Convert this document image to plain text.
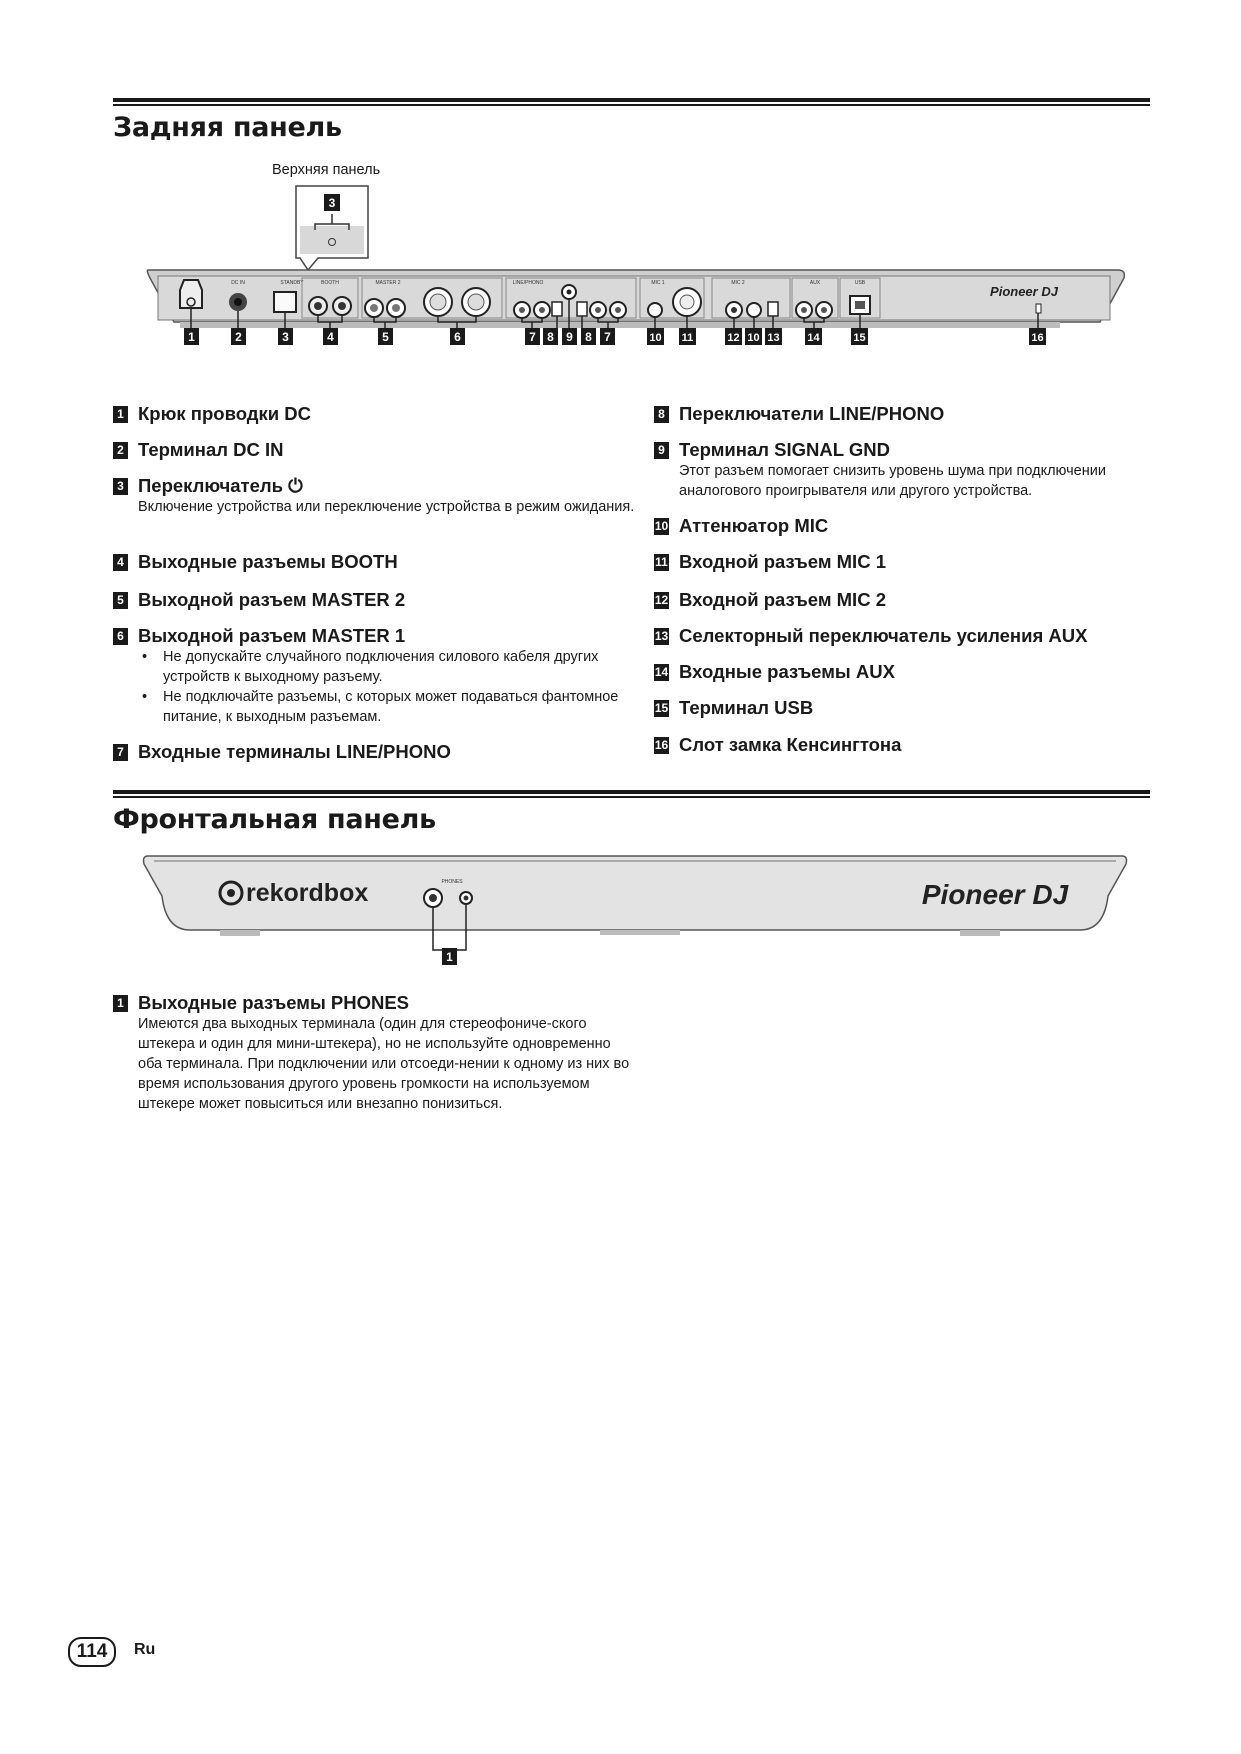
Задняя панель
Верхняя панель
3
DC IN	STANDBY	BOOTH	MASTER 2	LINE/PHONO	MIC 1	MIC 2	AUX	USB
Pioneer DJ
1	2	3	4	5	6	7 8 9 8 7	10 11	12 10 13	14	15	16
1 Крюк проводки DC
2 Терминал DC IN
3 Переключатель ⏻
Включение устройства или переключение устройства в режим ожидания.
4 Выходные разъемы BOOTH
5 Выходной разъем MASTER 2
6 Выходной разъем MASTER 1
• Не допускайте случайного подключения силового кабеля других устройств к выходному разъему.
• Не подключайте разъемы, с которых может подаваться фантомное питание, к выходным разъемам.
7 Входные терминалы LINE/PHONO
8 Переключатели LINE/PHONO
9 Терминал SIGNAL GND
Этот разъем помогает снизить уровень шума при подключении аналогового проигрывателя или другого устройства.
10 Аттенюатор MIC
11 Входной разъем MIC 1
12 Входной разъем MIC 2
13 Селекторный переключатель усиления AUX
14 Входные разъемы AUX
15 Терминал USB
16 Слот замка Кенсингтона
Фронтальная панель
rekordbox	PHONES	Pioneer DJ
1
1 Выходные разъемы PHONES
Имеются два выходных терминала (один для стереофониче-ского штекера и один для мини-штекера), но не используйте одновременно оба терминала. При подключении или отсоеди-нении к одному из них во время использования другого уровень громкости на используемом штекере может повыситься или внезапно понизиться.
114	Ru
